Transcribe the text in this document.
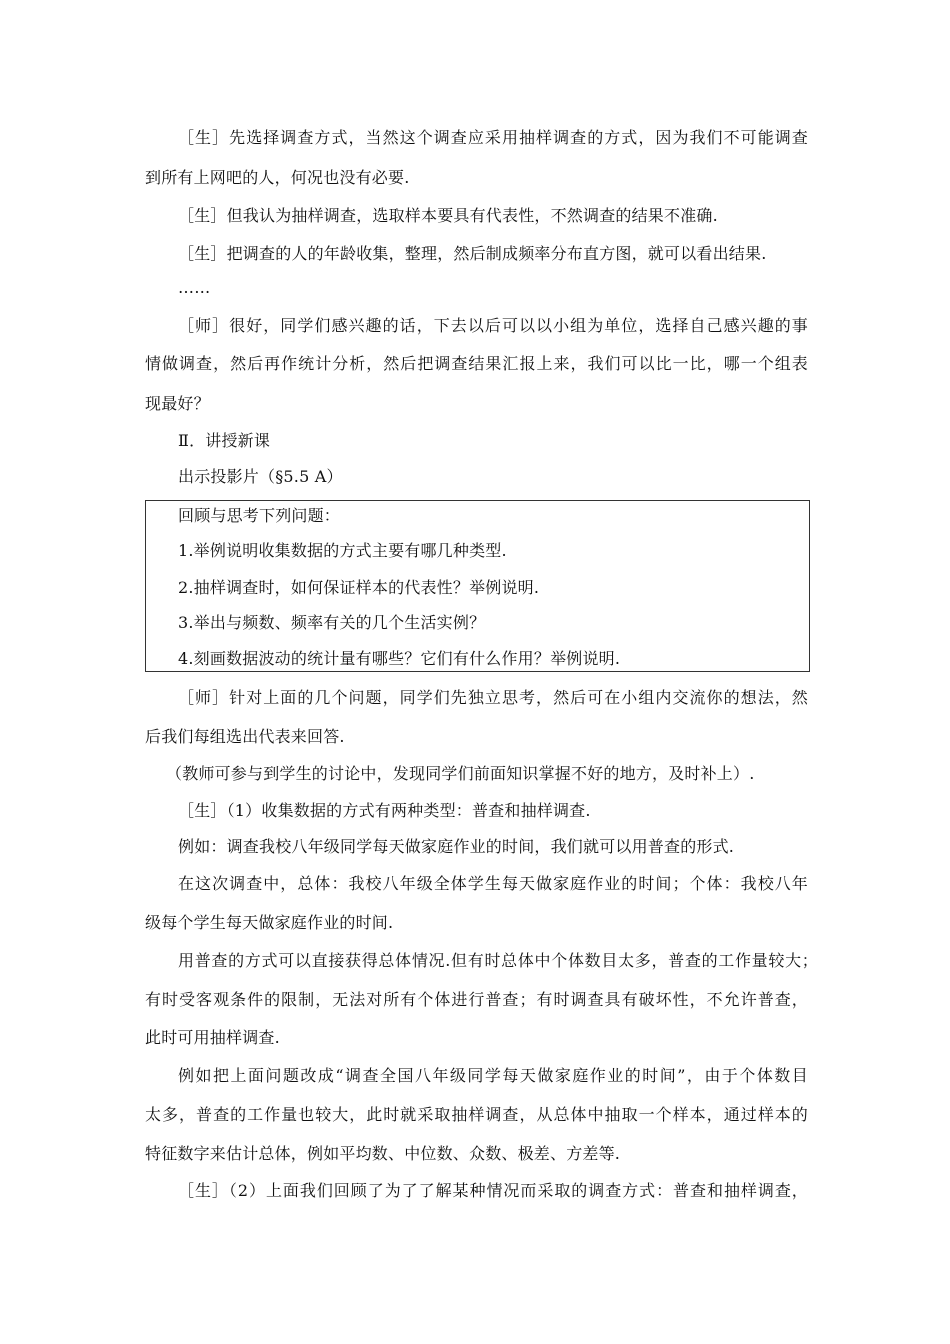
［生］先选择调查方式，当然这个调查应采用抽样调查的方式，因为我们不可能调查
到所有上网吧的人，何况也没有必要.
［生］但我认为抽样调查，选取样本要具有代表性，不然调查的结果不准确.
［生］把调查的人的年龄收集，整理，然后制成频率分布直方图，就可以看出结果.
……
［师］很好，同学们感兴趣的话，下去以后可以以小组为单位，选择自己感兴趣的事
情做调查，然后再作统计分析，然后把调查结果汇报上来，我们可以比一比，哪一个组表
现最好？
Ⅱ．讲授新课
出示投影片（§5.5 A）
回顾与思考下列问题：
1.举例说明收集数据的方式主要有哪几种类型.
2.抽样调查时，如何保证样本的代表性？举例说明.
3.举出与频数、频率有关的几个生活实例？
4.刻画数据波动的统计量有哪些？它们有什么作用？举例说明.
［师］针对上面的几个问题，同学们先独立思考，然后可在小组内交流你的想法，然
后我们每组选出代表来回答.
（教师可参与到学生的讨论中，发现同学们前面知识掌握不好的地方，及时补上）.
［生］（1）收集数据的方式有两种类型：普查和抽样调查.
例如：调查我校八年级同学每天做家庭作业的时间，我们就可以用普查的形式.
在这次调查中，总体：我校八年级全体学生每天做家庭作业的时间；个体：我校八年
级每个学生每天做家庭作业的时间.
用普查的方式可以直接获得总体情况.但有时总体中个体数目太多，普查的工作量较大；
有时受客观条件的限制，无法对所有个体进行普查；有时调查具有破坏性，不允许普查，
此时可用抽样调查.
例如把上面问题改成“调查全国八年级同学每天做家庭作业的时间”，由于个体数目
太多，普查的工作量也较大，此时就采取抽样调查，从总体中抽取一个样本，通过样本的
特征数字来估计总体，例如平均数、中位数、众数、极差、方差等.
［生］（2）上面我们回顾了为了了解某种情况而采取的调查方式：普查和抽样调查，
